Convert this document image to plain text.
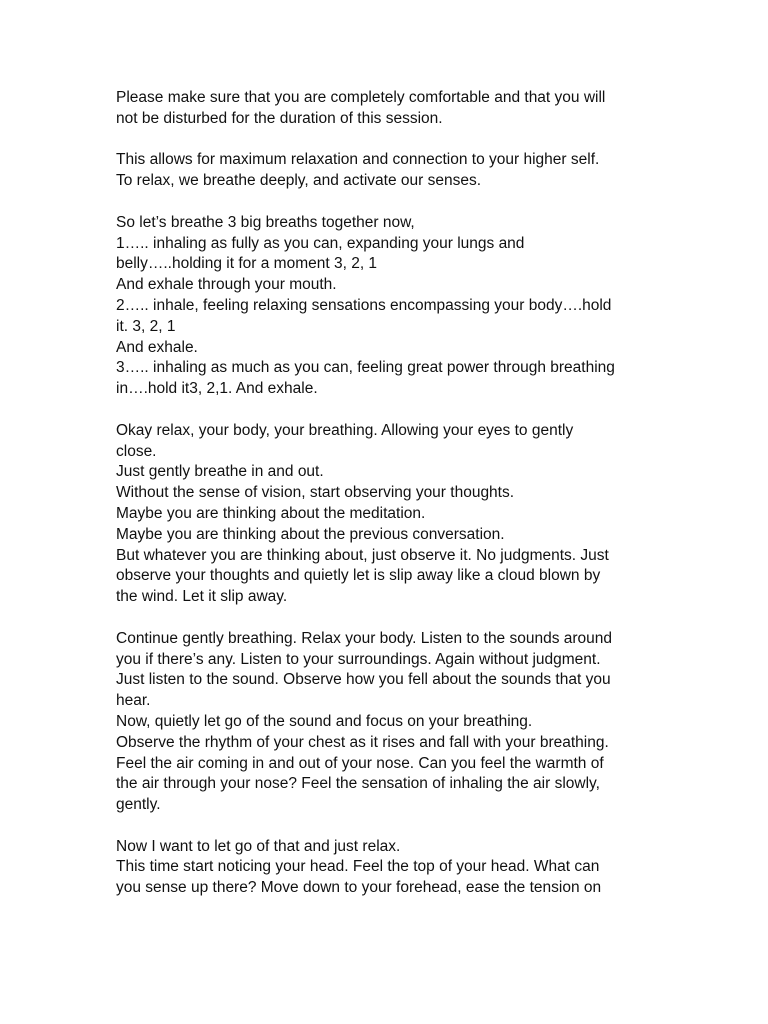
Please make sure that you are completely comfortable and that you will
not be disturbed for the duration of this session.
This allows for maximum relaxation and connection to your higher self.
To relax, we breathe deeply, and activate our senses.
So let’s breathe 3 big breaths together now,
1….. inhaling as fully as you can, expanding your lungs and
belly…..holding it for a moment 3, 2, 1
And exhale through your mouth.
2….. inhale, feeling relaxing sensations encompassing your body….hold
it. 3, 2, 1
And exhale.
3….. inhaling as much as you can, feeling great power through breathing
in….hold it3, 2,1. And exhale.
Okay relax, your body, your breathing. Allowing your eyes to gently
close.
Just gently breathe in and out.
Without the sense of vision, start observing your thoughts.
Maybe you are thinking about the meditation.
Maybe you are thinking about the previous conversation.
But whatever you are thinking about, just observe it. No judgments. Just
observe your thoughts and quietly let is slip away like a cloud blown by
the wind. Let it slip away.
Continue gently breathing. Relax your body. Listen to the sounds around
you if there’s any. Listen to your surroundings. Again without judgment.
Just listen to the sound. Observe how you fell about the sounds that you
hear.
Now, quietly let go of the sound and focus on your breathing.
Observe the rhythm of your chest as it rises and fall with your breathing.
Feel the air coming in and out of your nose. Can you feel the warmth of
the air through your nose? Feel the sensation of inhaling the air slowly,
gently.
Now I want to let go of that and just relax.
This time start noticing your head. Feel the top of your head. What can
you sense up there? Move down to your forehead, ease the tension on
